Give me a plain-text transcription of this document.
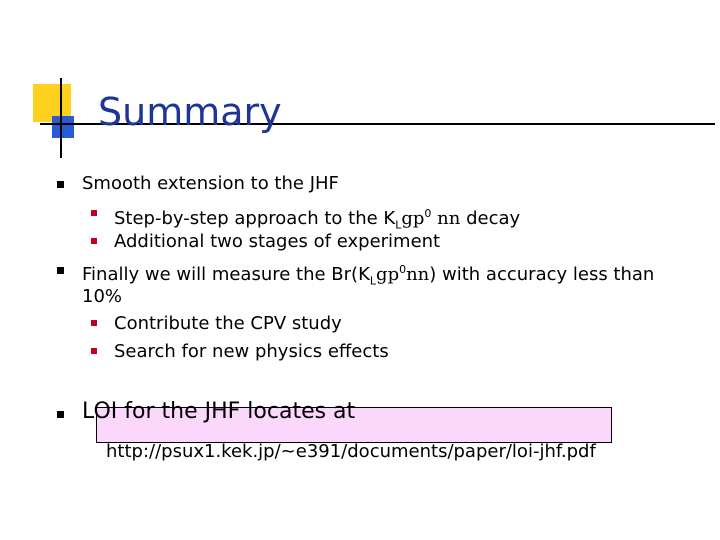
Summary
Smooth extension to the JHF
Step-by-step approach to the $K_Lgp^0$ nn decay
Additional two stages of experiment
Finally we will measure the $Br(K_Lgp^0nn)$ with accuracy less than
10%
Contribute the CPV study
Search for new physics effects
LOI for the JHF locates at
http://psux1.kek.jp/~e391/documents/paper/loi-jhf.pdf
